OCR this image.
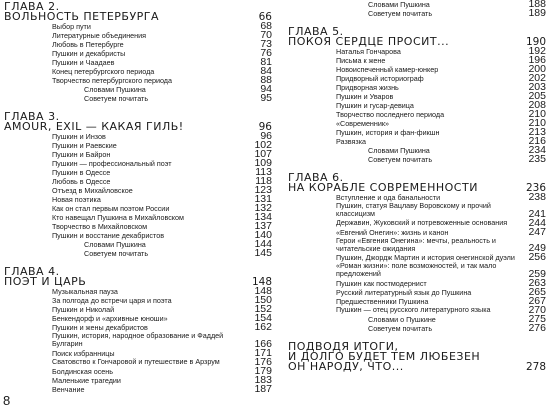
ГЛАВА 2.
ВОЛЬНОСТЬ ПЕТЕРБУРГА	66
Выбор пути	68
Литературные объединения	70
Любовь в Петербурге	73
Пушкин и декабристы	76
Пушкин и Чаадаев	81
Конец петербургского периода	84
Творчество петербургского периода	88
Словами Пушкина	94
Советуем почитать	95
ГЛАВА 3.
AMOUR, EXIL — КАКАЯ ГИЛЬ!	96
Пушкин и Инзов	96
Пушкин и Раевские	102
Пушкин и Байрон	107
Пушкин — профессиональный поэт	109
Пушкин в Одессе	113
Любовь в Одессе	118
Отъезд в Михайловское	123
Новая поэтика	131
Как он стал первым поэтом России	132
Кто навещал Пушкина в Михайловском	134
Творчество в Михайловском	137
Пушкин и восстание декабристов	140
Словами Пушкина	144
Советуем почитать	145
ГЛАВА 4.
ПОЭТ И ЦАРЬ	148
Музыкальная пауза	148
За полгода до встречи царя и поэта	150
Пушкин и Николай	152
Бенкендорф и «архивные юноши»	154
Пушкин и жены декабристов	162
Пушкин, история, народное образование и Фаддей Булгарин	166
Поиск избранницы	171
Сватовство к Гончаровой и путешествие в Арзрум	176
Болдинская осень	179
Маленькие трагедии	183
Венчание	187
Словами Пушкина	188
Советуем почитать	189
ГЛАВА 5.
ПОКОЯ СЕРДЦЕ ПРОСИТ...	190
Наталья Гончарова	192
Письма к жене	196
Новоиспеченный камер-юнкер	200
Придворный историограф	202
Придворная жизнь	203
Пушкин и Уваров	205
Пушкин и гусар-девица	208
Творчество последнего периода	210
«Современник»	210
Пушкин, история и фан-фикшн	213
Развязка	216
Словами Пушкина	234
Советуем почитать	235
ГЛАВА 6.
НА КОРАБЛЕ СОВРЕМЕННОСТИ	236
Вступление и ода банальности	238
Пушкин, статуя Вацлаву Воровскому и прочий классицизм	241
Державин, Жуковский и потревоженные основания	244
«Евгений Онегин»: жизнь и канон	247
Герои «Евгения Онегина»: мечты, реальность и читательские ожидания	249
Пушкин, Джордж Мартин и история онегинской дуэли	256
«Роман жизни»: поле возможностей, и так мало предложений	259
Пушкин как постмодернист	263
Русский литературный язык до Пушкина	265
Предшественники Пушкина	267
Пушкин — отец русского литературного языка	270
Словами о Пушкине	275
Советуем почитать	276
ПОДВОДЯ ИТОГИ,
И ДОЛГО БУДЕТ ТЕМ ЛЮБЕЗЕН
ОН НАРОДУ, ЧТО...	278
8
